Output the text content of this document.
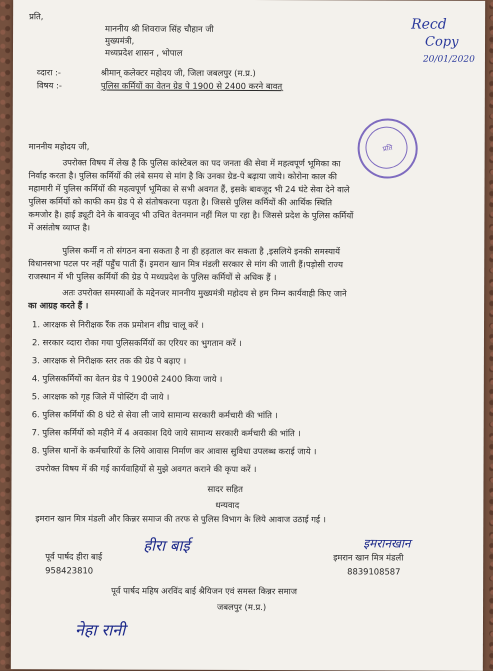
प्रति,
माननीय श्री शिवराज सिंह चौहान जी
मुख्यमंत्री,
मध्यप्रदेश शासन , भोपाल
व्दारा :-	श्रीमान् कलेक्टर महोदय जी, जिला जबलपुर (म.प्र.)
विषय :-	पुलिस कर्मियों का वेतन ग्रेड पे 1900 से 2400 करने बावत्
Recd
Copy
20/01/2020
प्रति
माननीय महोदय जी,
उपरोक्त विषय में लेख है कि पुलिस कांस्टेबल का पद जनता की सेवा में महत्वपूर्ण भूमिका का
निर्वाह करता है। पुलिस कर्मियों की लंबे समय से मांग है कि उनका ग्रेड-पे बढ़ाया जाये। कोरोना काल की
महामारी में पुलिस कर्मियों की महत्वपूर्ण भूमिका से सभी अवगत हैं, इसके बावजूद भी 24 घंटे सेवा देने वाले
पुलिस कर्मियों को काफी कम ग्रेड पे से संतोषकरना पड़ता है। जिससे पुलिस कर्मियों की आर्थिक स्थिति
कमजोर है। हाई ड्यूटी देने के बावजूद भी उचित वेतनमान नहीं मिल पा रहा है। जिससे प्रदेश के पुलिस कर्मियों
में असंतोष व्याप्त है।
पुलिस कर्मी न तो संगठन बना सकता है ना ही हड़ताल कर सकता है ,इसलिये इनकी समस्यायें
विधानसभा पटल पर नहीं पहुँच पाती हैं। इमरान खान मित्र मंडली सरकार से मांग की जाती हैं।पड़ोसी राज्य
राजस्थान में भी पुलिस कर्मियों की ग्रेड पे मध्यप्रदेश के पुलिस कर्मियों से अधिक हैं ।
अतः उपरोक्त समस्याओं के मद्देनजर माननीय मुख्यमंत्री महोदय से हम निम्न कार्यवाही किए जाने
का आग्रह करते हैं ।
1. आरक्षक से निरीक्षक रैंक तक प्रमोशन शीघ्र चालू करें ।
2. सरकार व्दारा रोका गया पुलिसकर्मियों का एरियर का भुगतान करें ।
3. आरक्षक से निरीक्षक स्तर तक की ग्रेड पे बढ़ाए ।
4. पुलिसकर्मियों का वेतन ग्रेड पे 1900से 2400 किया जाये ।
5. आरक्षक को गृह जिले में पोस्टिंग दी जाये ।
6. पुलिस कर्मियों की 8 घंटे से सेवा ली जाये सामान्य सरकारी कर्मचारी की भांति ।
7. पुलिस कर्मियों को महीने में 4 अवकाश दिये जाये सामान्य सरकारी कर्मचारी की भांति ।
8. पुलिस थानों के कर्मचारियों के लिये आवास निर्माण कर आवास सुविधा उपलब्ध कराई जाये ।
उपरोक्त विषय में की गई कार्यवाहियों से मुझे अवगत कराने की कृपा करें ।
सादर सहित
धन्यवाद
इमरान खान मित्र मंडली और किन्नर समाज की तरफ से पुलिस विभाग के लिये आवाज उठाई गई ।
हीरा बाई
पूर्व पार्षद हीरा बाई
958423810
इमरानखान
इमरान खान मित्र मंडली
8839108587
पूर्व पार्षद महिष अरविंद बाई श्रैयिजन एवं समस्त किन्नर समाज
जबलपुर (म.प्र.)
नेहा रानी
